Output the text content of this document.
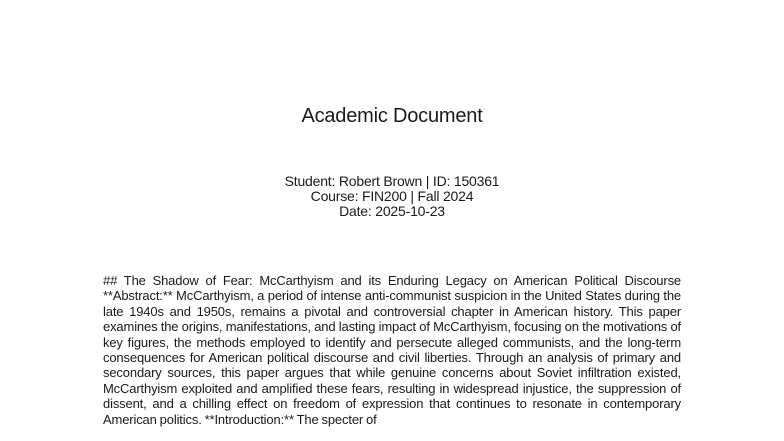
Academic Document
Student: Robert Brown | ID: 150361
Course: FIN200 | Fall 2024
Date: 2025-10-23
## The Shadow of Fear: McCarthyism and its Enduring Legacy on American Political Discourse **Abstract:** McCarthyism, a period of intense anti-communist suspicion in the United States during the late 1940s and 1950s, remains a pivotal and controversial chapter in American history. This paper examines the origins, manifestations, and lasting impact of McCarthyism, focusing on the motivations of key figures, the methods employed to identify and persecute alleged communists, and the long-term consequences for American political discourse and civil liberties. Through an analysis of primary and secondary sources, this paper argues that while genuine concerns about Soviet infiltration existed, McCarthyism exploited and amplified these fears, resulting in widespread injustice, the suppression of dissent, and a chilling effect on freedom of expression that continues to resonate in contemporary American politics. **Introduction:** The specter of
